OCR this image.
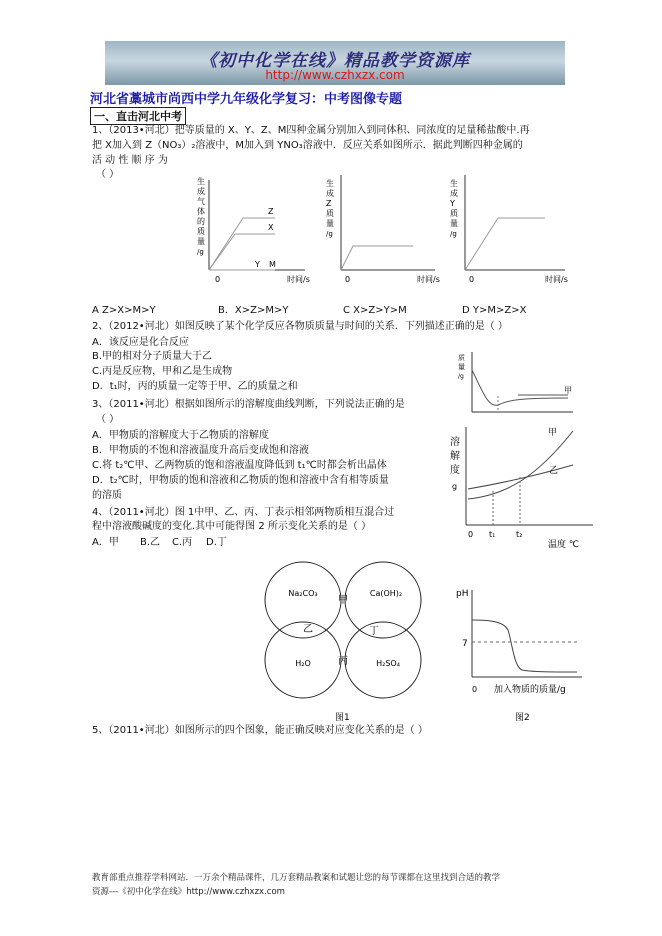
《初中化学在线》精品教学资源库
http://www.czhxzx.com
河北省藁城市尚西中学九年级化学复习：中考图像专题
一、直击河北中考
1、（2013•河北）把等质量的 X、Y、Z、M四种金属分别加入到同体积、同浓度的足量稀盐酸中.再
把 X加入到 Z（NO₃）₂溶液中，M加入到 YNO₃溶液中．反应关系如图所示．据此判断四种金属的
活 动 性 顺 序 为
（ ）
生
成
气
体
的
质
量
/g
0	时间/s
Z
X
Y M
生
成
Z
质
量
/g
0	时间/s
生
成
Y
质
量
/g
0	时间/s
A Z>X>M>Y	B．X>Z>M>Y	C X>Z>Y>M	D Y>M>Z>X
2、（2012•河北）如图反映了某个化学反应各物质质量与时间的关系．下列描述正确的是（ ）
A．该反应是化合反应
B.甲的相对分子质量大于乙
C.丙是反应物，甲和乙是生成物
D．t₁时，丙的质量一定等于甲、乙的质量之和
质
量
/g
甲
3、（2011•河北）根据如图所示的溶解度曲线判断，下列说法正确的是
（ ）
A．甲物质的溶解度大于乙物质的溶解度
B．甲物质的不饱和溶液温度升高后变成饱和溶液
C.将 t₂℃甲、乙两物质的饱和溶液温度降低到 t₁℃时都会析出晶体
D．t₂℃时，甲物质的饱和溶液和乙物质的饱和溶液中含有相等质量
的溶质
溶
解
度
g
甲
乙
0 t₁	t₂
温度 ℃
4、（2011•河北）图 1中甲、乙、丙、丁表示相邻两物质相互混合过
程中溶液酸碱度的变化.其中可能得图 2 所示变化关系的是（ ）
A．甲 B.乙 C.丙 D.丁
Na₂CO₃	Ca(OH)₂
H₂O	H₂SO₄
甲
乙
丙
丁
图1
pH
7
0 加入物质的质量/g
图2
5、（2011•河北）如图所示的四个图象，能正确反映对应变化关系的是（ ）
教育部重点推荐学科网站．一万余个精品课件，几万套精品教案和试题让您的每节课都在这里找到合适的教学
资源---《初中化学在线》http://www.czhxzx.com
